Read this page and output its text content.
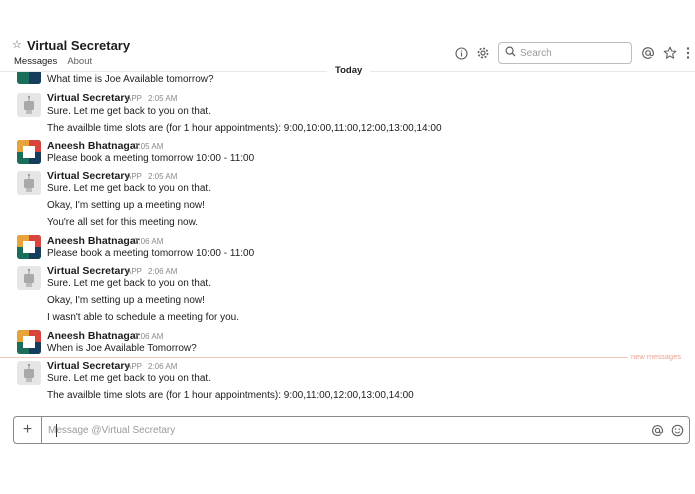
☆ Virtual Secretary
Messages About
Search
What time is Joe Available tomorrow?
Virtual Secretary
APP 2:05 AM
Sure. Let me get back to you on that.
The availble time slots are (for 1 hour appointments): 9:00,10:00,11:00,12:00,13:00,14:00
Aneesh Bhatnagar
2:05 AM
Please book a meeting tomorrow 10:00 - 11:00
Virtual Secretary
APP 2:05 AM
Sure. Let me get back to you on that.
Okay, I'm setting up a meeting now!
You're all set for this meeting now.
Aneesh Bhatnagar
2:06 AM
Please book a meeting tomorrow 10:00 - 11:00
Virtual Secretary
APP 2:06 AM
Sure. Let me get back to you on that.
Okay, I'm setting up a meeting now!
I wasn't able to schedule a meeting for you.
Aneesh Bhatnagar
2:06 AM
When is Joe Available Tomorrow?
new messages
Virtual Secretary
APP 2:06 AM
Sure. Let me get back to you on that.
The availble time slots are (for 1 hour appointments): 9:00,11:00,12:00,13:00,14:00
Today
+
Message @Virtual Secretary
